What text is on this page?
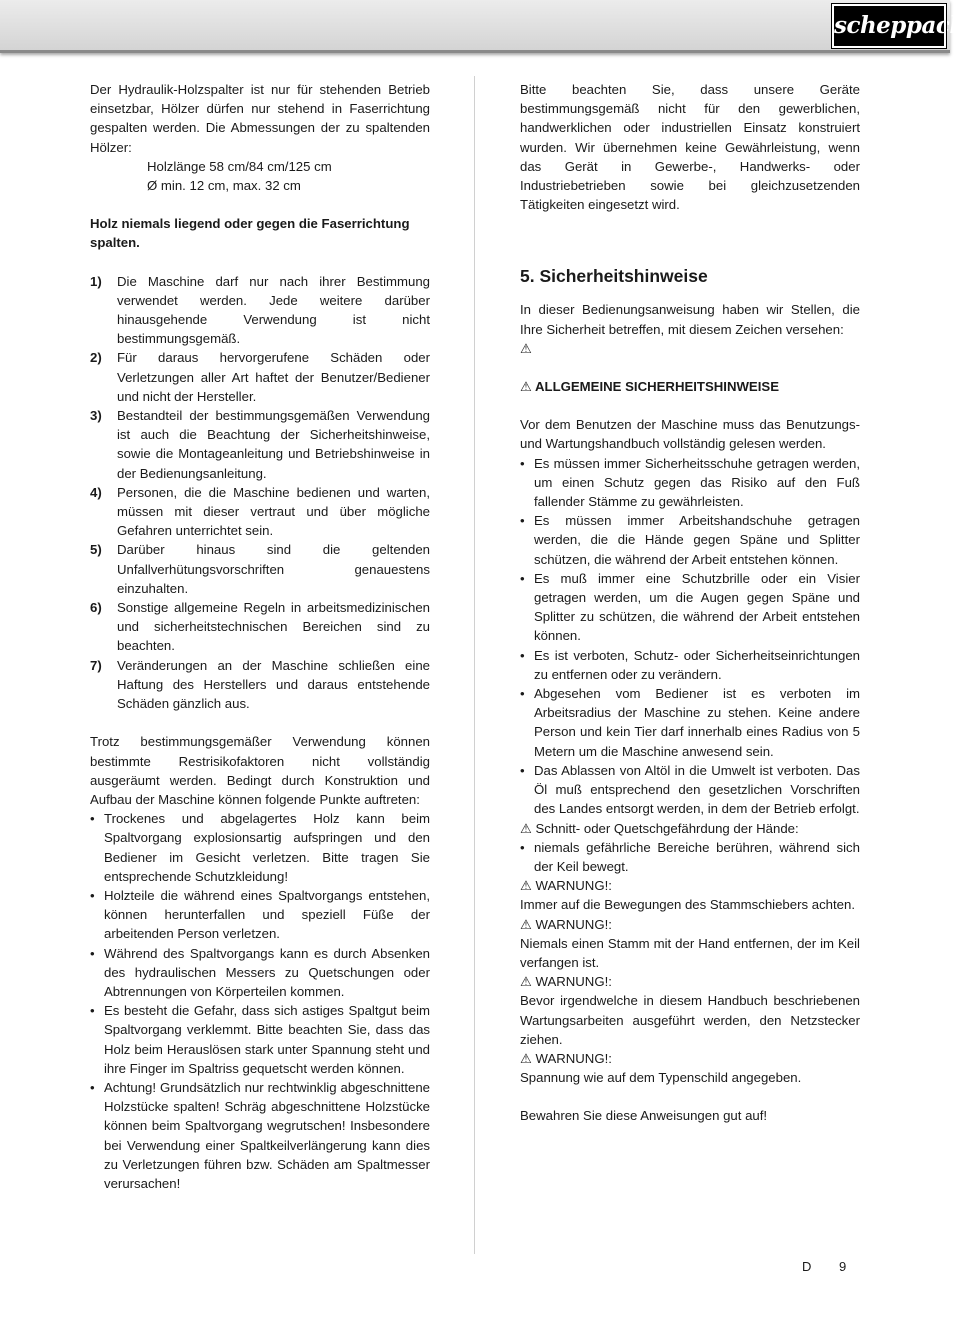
scheppach

Der Hydraulik-Holzspalter ist nur für stehenden Betrieb einsetzbar, Hölzer dürfen nur stehend in Faserrichtung gespalten werden. Die Abmessungen der zu spaltenden Hölzer:

Holzlänge 58 cm/84 cm/125 cm

Ø min. 12 cm, max. 32 cm

Holz niemals liegend oder gegen die Faserrichtung spalten.

1) Die Maschine darf nur nach ihrer Bestimmung verwendet werden. Jede weitere darüber hinausgehende Verwendung ist nicht bestimmungsgemäß.
2) Für daraus hervorgerufene Schäden oder Verletzungen aller Art haftet der Benutzer/Bediener und nicht der Hersteller.
3) Bestandteil der bestimmungsgemäßen Verwendung ist auch die Beachtung der Sicherheitshinweise, sowie die Montageanleitung und Betriebshinweise in der Bedienungsanleitung.
4) Personen, die die Maschine bedienen und warten, müssen mit dieser vertraut und über mögliche Gefahren unterrichtet sein.
5) Darüber hinaus sind die geltenden Unfallverhütungsvorschriften genauestens einzuhalten.
6) Sonstige allgemeine Regeln in arbeitsmedizinischen und sicherheitstechnischen Bereichen sind zu beachten.
7) Veränderungen an der Maschine schließen eine Haftung des Herstellers und daraus entstehende Schäden gänzlich aus.

Trotz bestimmungsgemäßer Verwendung können bestimmte Restrisikofaktoren nicht vollständig ausgeräumt werden. Bedingt durch Konstruktion und Aufbau der Maschine können folgende Punkte auftreten:

• Trockenes und abgelagertes Holz kann beim Spaltvorgang explosionsartig aufspringen und den Bediener im Gesicht verletzen. Bitte tragen Sie entsprechende Schutzkleidung!
• Holzteile die während eines Spaltvorgangs entstehen, können herunterfallen und speziell Füße der arbeitenden Person verletzen.
• Während des Spaltvorgangs kann es durch Absenken des hydraulischen Messers zu Quetschungen oder Abtrennungen von Körperteilen kommen.
• Es besteht die Gefahr, dass sich astiges Spaltgut beim Spaltvorgang verklemmt. Bitte beachten Sie, dass das Holz beim Herauslösen stark unter Spannung steht und ihre Finger im Spaltriss gequetscht werden können.
• Achtung! Grundsätzlich nur rechtwinklig abgeschnittene Holzstücke spalten! Schräg abgeschnittene Holzstücke können beim Spaltvorgang wegrutschen! Insbesondere bei Verwendung einer Spaltkeilverlängerung kann dies zu Verletzungen führen bzw. Schäden am Spaltmesser verursachen!

Bitte beachten Sie, dass unsere Geräte bestimmungsgemäß nicht für den gewerblichen, handwerklichen oder industriellen Einsatz konstruiert wurden. Wir übernehmen keine Gewährleistung, wenn das Gerät in Gewerbe-, Handwerks- oder Industriebetrieben sowie bei gleichzusetzenden Tätigkeiten eingesetzt wird.

5. Sicherheitshinweise

In dieser Bedienungsanweisung haben wir Stellen, die Ihre Sicherheit betreffen, mit diesem Zeichen versehen:

⚠

⚠ ALLGEMEINE SICHERHEITSHINWEISE

Vor dem Benutzen der Maschine muss das Benutzungs- und Wartungshandbuch vollständig gelesen werden.

• Es müssen immer Sicherheitsschuhe getragen werden, um einen Schutz gegen das Risiko auf den Fuß fallender Stämme zu gewährleisten.
• Es müssen immer Arbeitshandschuhe getragen werden, die die Hände gegen Späne und Splitter schützen, die während der Arbeit entstehen können.
• Es muß immer eine Schutzbrille oder ein Visier getragen werden, um die Augen gegen Späne und Splitter zu schützen, die während der Arbeit entstehen können.
• Es ist verboten, Schutz- oder Sicherheitseinrichtungen zu entfernen oder zu verändern.
• Abgesehen vom Bediener ist es verboten im Arbeitsradius der Maschine zu stehen. Keine andere Person und kein Tier darf innerhalb eines Radius von 5 Metern um die Maschine anwesend sein.
• Das Ablassen von Altöl in die Umwelt ist verboten. Das Öl muß entsprechend den gesetzlichen Vorschriften des Landes entsorgt werden, in dem der Betrieb erfolgt.

⚠ Schnitt- oder Quetschgefährdung der Hände:

• niemals gefährliche Bereiche berühren, während sich der Keil bewegt.

⚠ WARNUNG!:

Immer auf die Bewegungen des Stammschiebers achten.

⚠ WARNUNG!:

Niemals einen Stamm mit der Hand entfernen, der im Keil verfangen ist.

⚠ WARNUNG!:

Bevor irgendwelche in diesem Handbuch beschriebenen Wartungsarbeiten ausgeführt werden, den Netzstecker ziehen.

⚠ WARNUNG!:

Spannung wie auf dem Typenschild angegeben.

Bewahren Sie diese Anweisungen gut auf!

D 9
